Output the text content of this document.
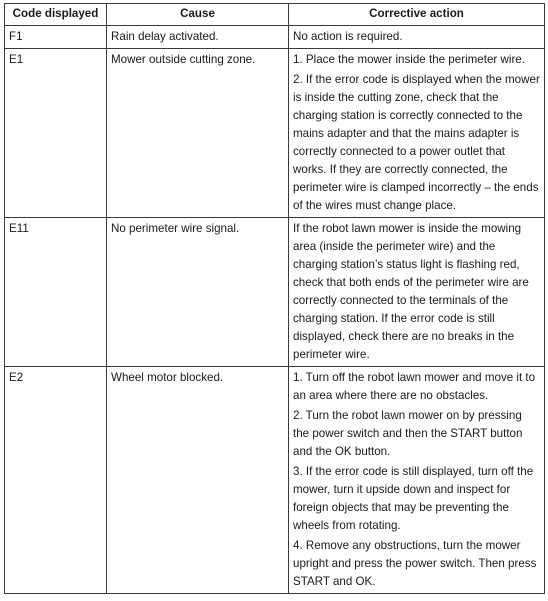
Code displayed	Cause	Corrective action
F1	Rain delay activated.	No action is required.

E1	Mower outside cutting zone.	1. Place the mower inside the perimeter wire.

2. If the error code is displayed when the mower is inside the cutting zone, check that the charging station is correctly connected to the mains adapter and that the mains adapter is correctly connected to a power outlet that works. If they are correctly connected, the perimeter wire is clamped incorrectly – the ends of the wires must change place.

E11	No perimeter wire signal.	If the robot lawn mower is inside the mowing area (inside the perimeter wire) and the charging station’s status light is flashing red, check that both ends of the perimeter wire are correctly connected to the terminals of the charging station. If the error code is still displayed, check there are no breaks in the perimeter wire.

E2	Wheel motor blocked.	1. Turn off the robot lawn mower and move it to an area where there are no obstacles.

2. Turn the robot lawn mower on by pressing the power switch and then the START button and the OK button.

3. If the error code is still displayed, turn off the mower, turn it upside down and inspect for foreign objects that may be preventing the wheels from rotating.

4. Remove any obstructions, turn the mower upright and press the power switch. Then press START and OK.
